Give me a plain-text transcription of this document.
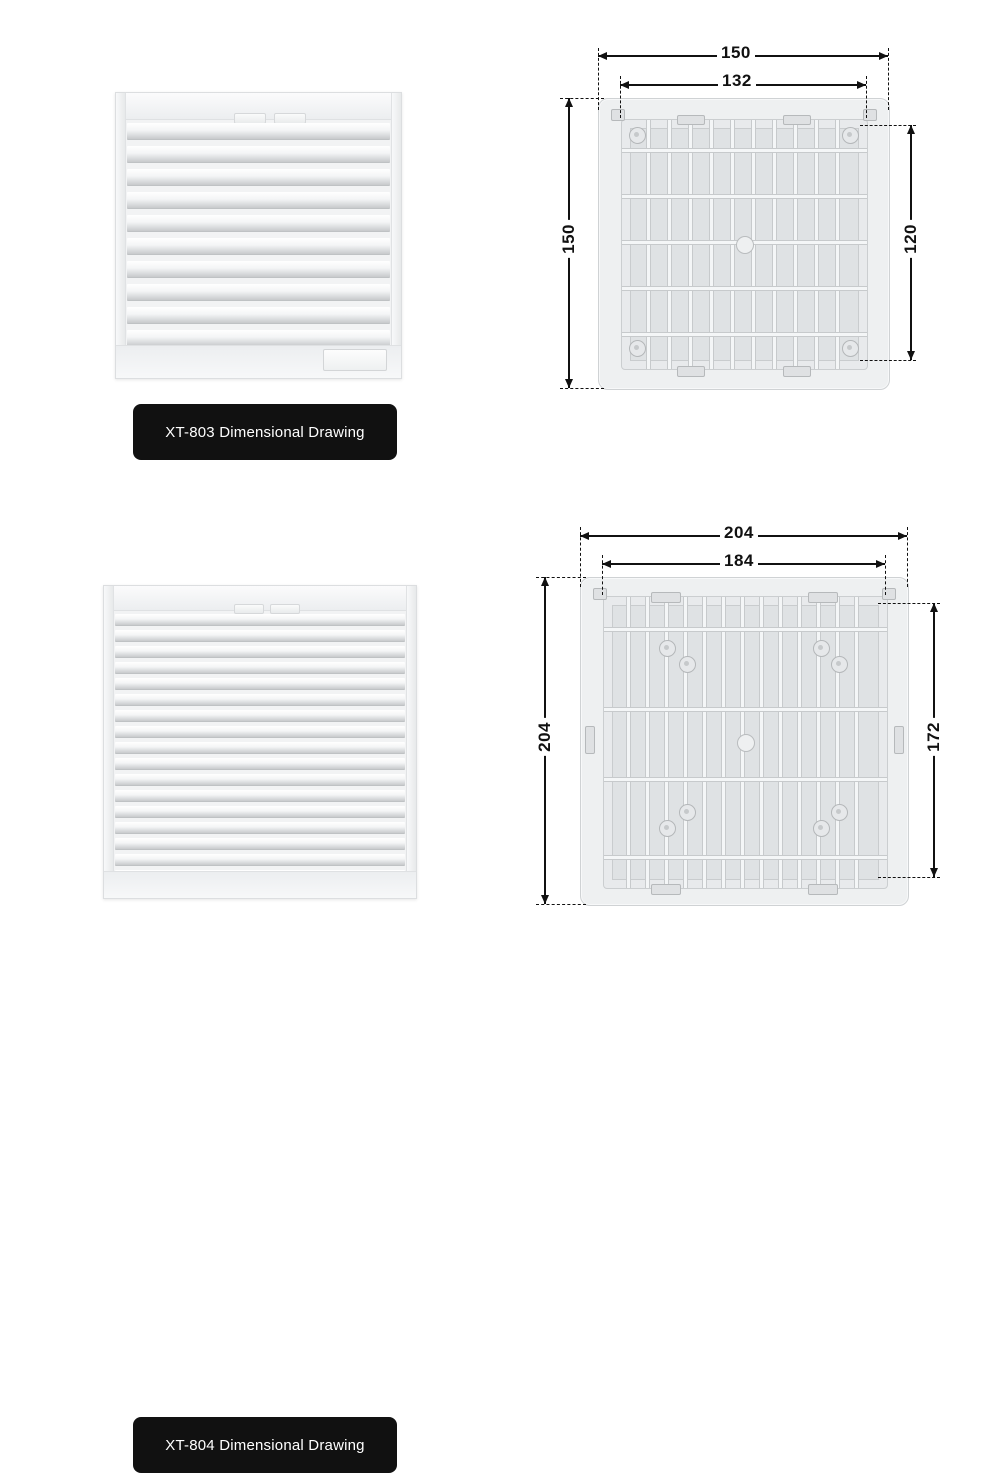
XT-803 Dimensional Drawing
150
132
150	120
XT-804 Dimensional Drawing
204
184
204	172
